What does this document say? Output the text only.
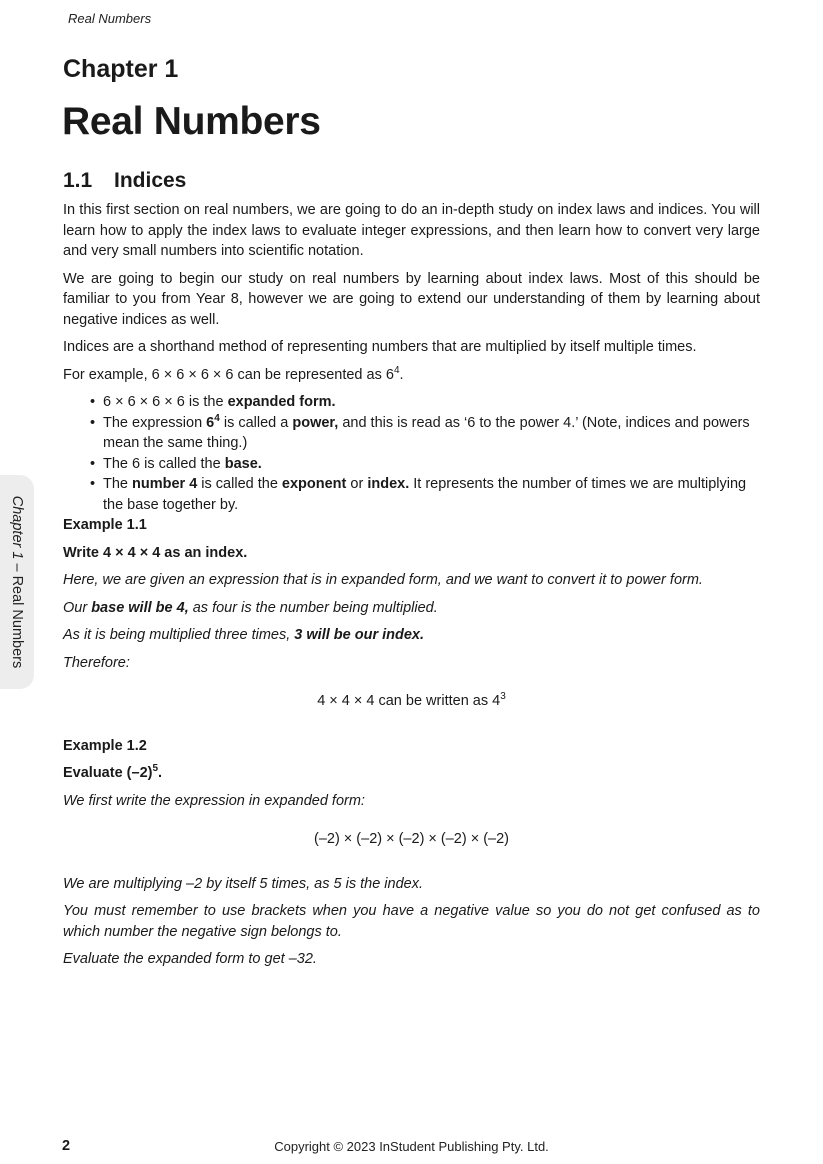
Real Numbers
Chapter 1
Real Numbers
1.1 Indices

In this first section on real numbers, we are going to do an in-depth study on index laws and indices. You will learn how to apply the index laws to evaluate integer expressions, and then learn how to convert very large and very small numbers into scientific notation.

We are going to begin our study on real numbers by learning about index laws. Most of this should be familiar to you from Year 8, however we are going to extend our understanding of them by learning about negative indices as well.

Indices are a shorthand method of representing numbers that are multiplied by itself multiple times.

For example, 6 × 6 × 6 × 6 can be represented as $6^4$.

• 6 × 6 × 6 × 6 is the expanded form.
• The expression $6^4$ is called a power, and this is read as ‘6 to the power 4.’ (Note, indices and powers mean the same thing.)
• The 6 is called the base.
• The number 4 is called the exponent or index. It represents the number of times we are multiplying the base together by.

Example 1.1

Write 4 × 4 × 4 as an index.

Here, we are given an expression that is in expanded form, and we want to convert it to power form.

Our base will be 4, as four is the number being multiplied.

As it is being multiplied three times, 3 will be our index.

Therefore:

4 × 4 × 4 can be written as $4^3$

Example 1.2

Evaluate $(-2)^5$.

We first write the expression in expanded form:

(–2) × (–2) × (–2) × (–2) × (–2)

We are multiplying –2 by itself 5 times, as 5 is the index.

You must remember to use brackets when you have a negative value so you do not get confused as to which number the negative sign belongs to.

Evaluate the expanded form to get –32.

Chapter 1 – Real Numbers
2	Copyright © 2023 InStudent Publishing Pty. Ltd.
